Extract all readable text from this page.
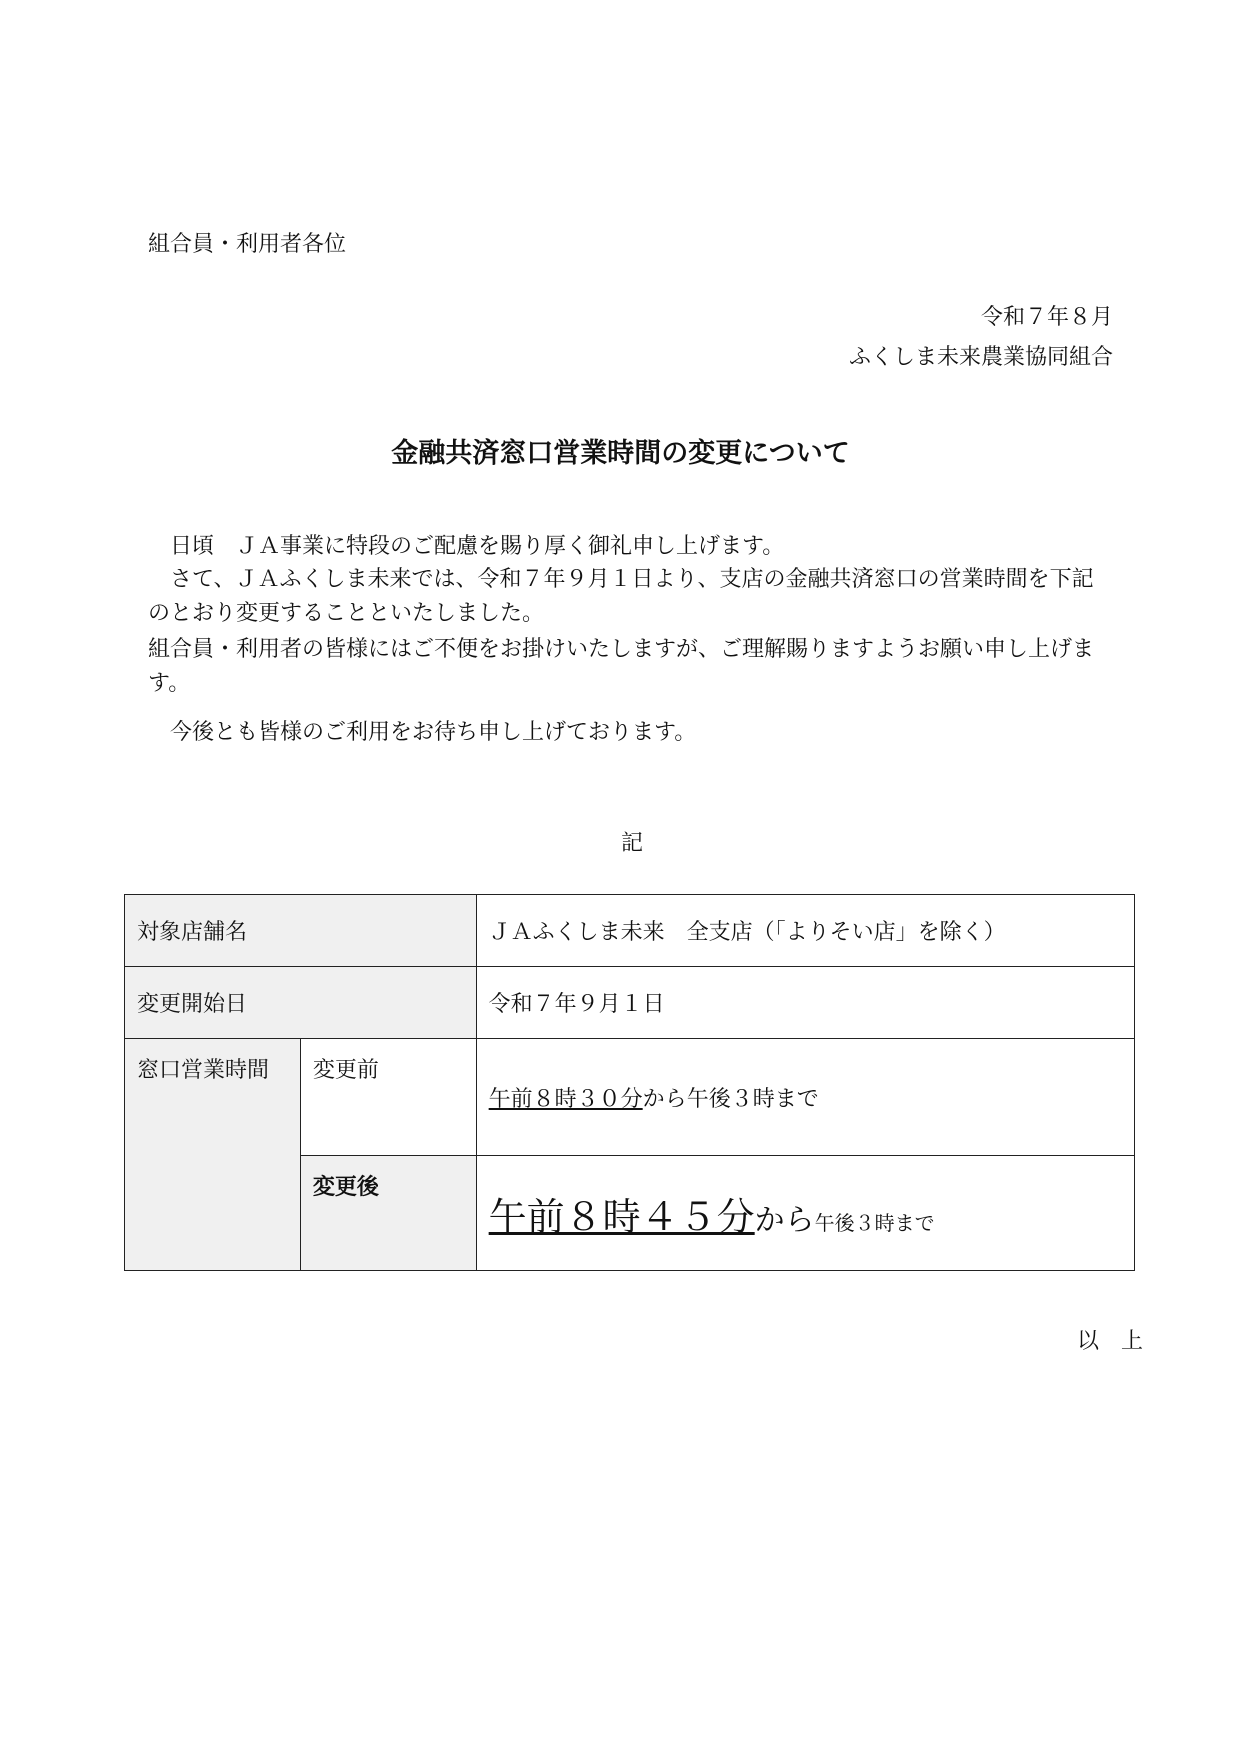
組合員・利用者各位
令和７年８月
ふくしま未来農業協同組合
金融共済窓口営業時間の変更について
　日頃　ＪＡ事業に特段のご配慮を賜り厚く御礼申し上げます。
　さて、ＪＡふくしま未来では、令和７年９月１日より、支店の金融共済窓口の営業時間を下記のとおり変更することといたしました。
組合員・利用者の皆様にはご不便をお掛けいたしますが、ご理解賜りますようお願い申し上げます。
　今後とも皆様のご利用をお待ち申し上げております。
記
対象店舗名		ＪＡふくしま未来　全支店（「よりそい店」を除く）
変更開始日		令和７年９月１日
窓口営業時間	変更前	午前８時３０分から午後３時まで
	変更後	午前８時４５分から午後３時まで
以　上
